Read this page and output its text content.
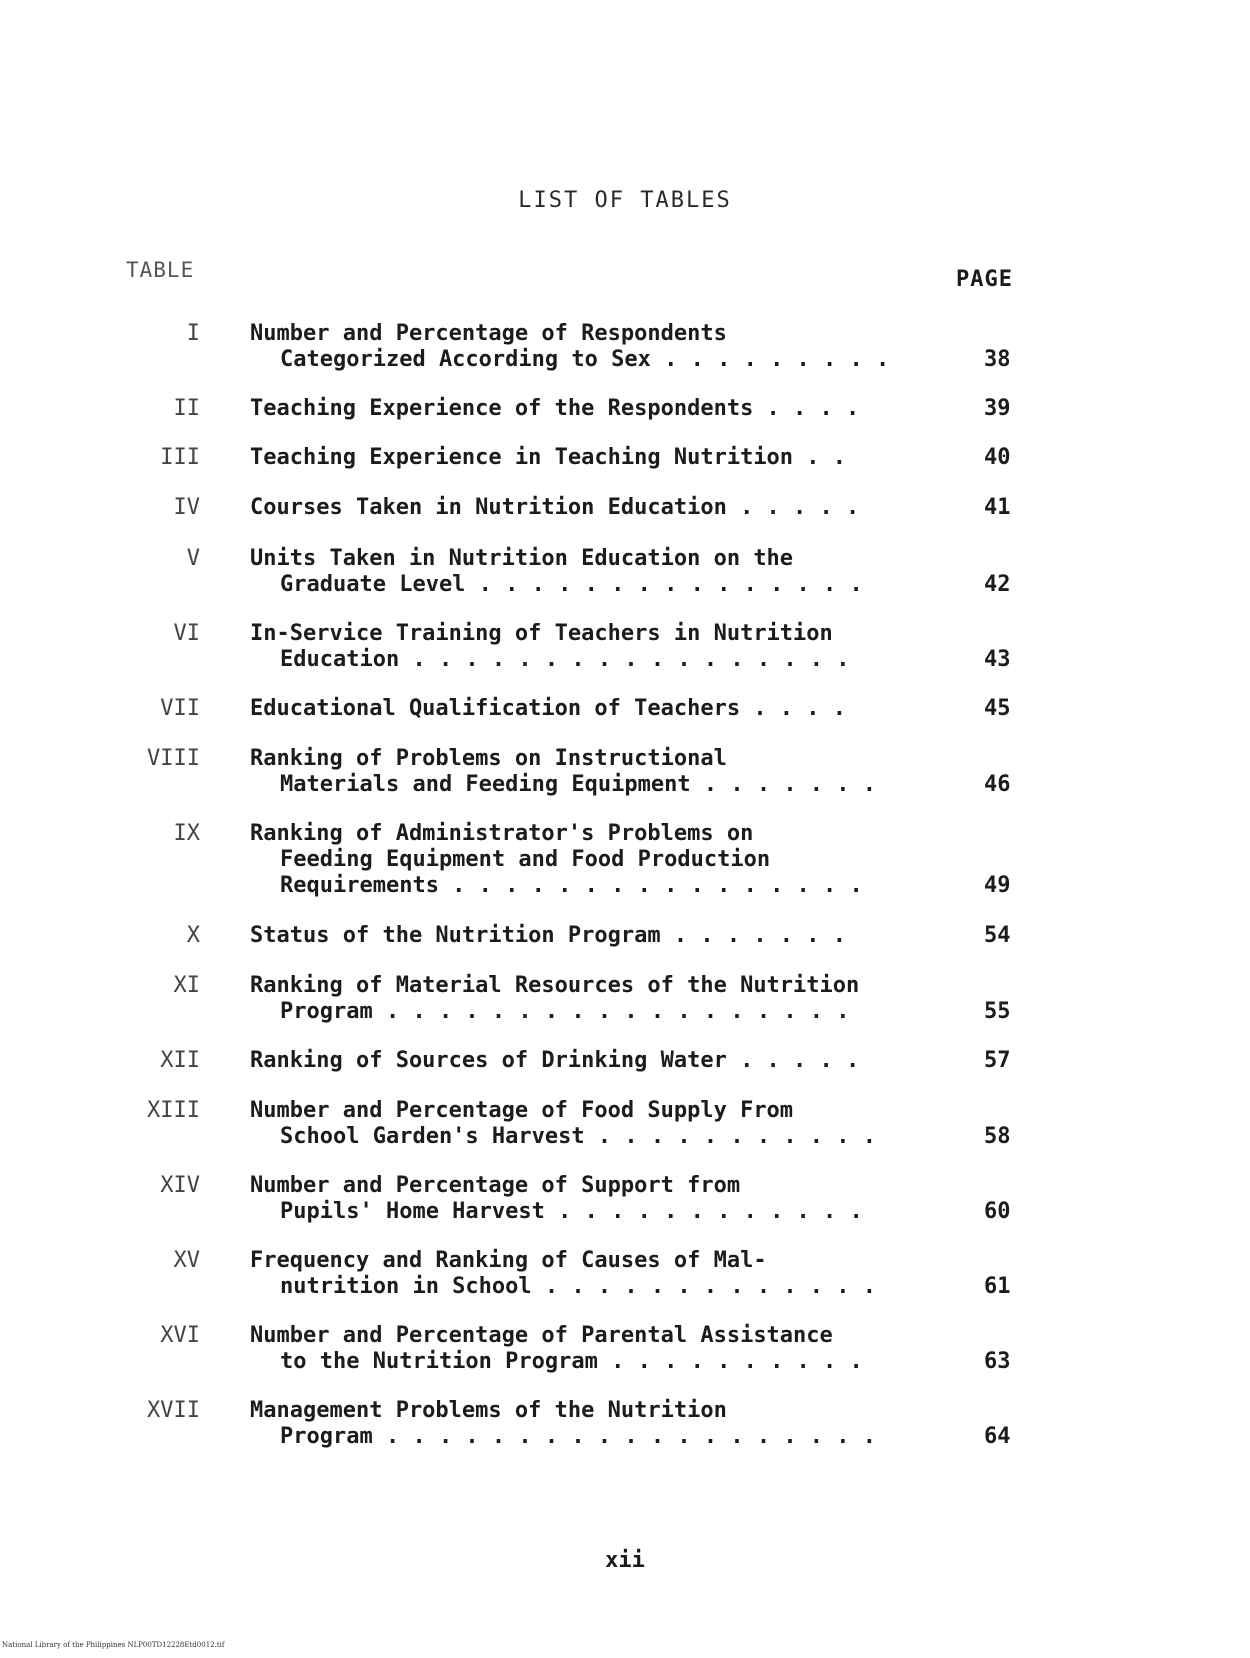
LIST OF TABLES
TABLE	PAGE
I Number and Percentage of Respondents
Categorized According to Sex . . . . . . . . .	38
II Teaching Experience of the Respondents . . . .	39
III Teaching Experience in Teaching Nutrition . .	40
IV Courses Taken in Nutrition Education . . . . .	41
V Units Taken in Nutrition Education on the
Graduate Level . . . . . . . . . . . . . . .	42
VI In-Service Training of Teachers in Nutrition
Education . . . . . . . . . . . . . . . . .	43
VII Educational Qualification of Teachers . . . .	45
VIII Ranking of Problems on Instructional
Materials and Feeding Equipment . . . . . . .	46
IX Ranking of Administrator's Problems on
Feeding Equipment and Food Production
Requirements . . . . . . . . . . . . . . . .	49
X Status of the Nutrition Program . . . . . . .	54
XI Ranking of Material Resources of the Nutrition
Program . . . . . . . . . . . . . . . . . .	55
XII Ranking of Sources of Drinking Water . . . . .	57
XIII Number and Percentage of Food Supply From
School Garden's Harvest . . . . . . . . . . .	58
XIV Number and Percentage of Support from
Pupils' Home Harvest . . . . . . . . . . . .	60
XV Frequency and Ranking of Causes of Mal-
nutrition in School . . . . . . . . . . . . .	61
XVI Number and Percentage of Parental Assistance
to the Nutrition Program . . . . . . . . . .	63
XVII Management Problems of the Nutrition
Program . . . . . . . . . . . . . . . . . . .	64
xii
National Library of the Philippines NLP00TD12228Etd0012.tif
